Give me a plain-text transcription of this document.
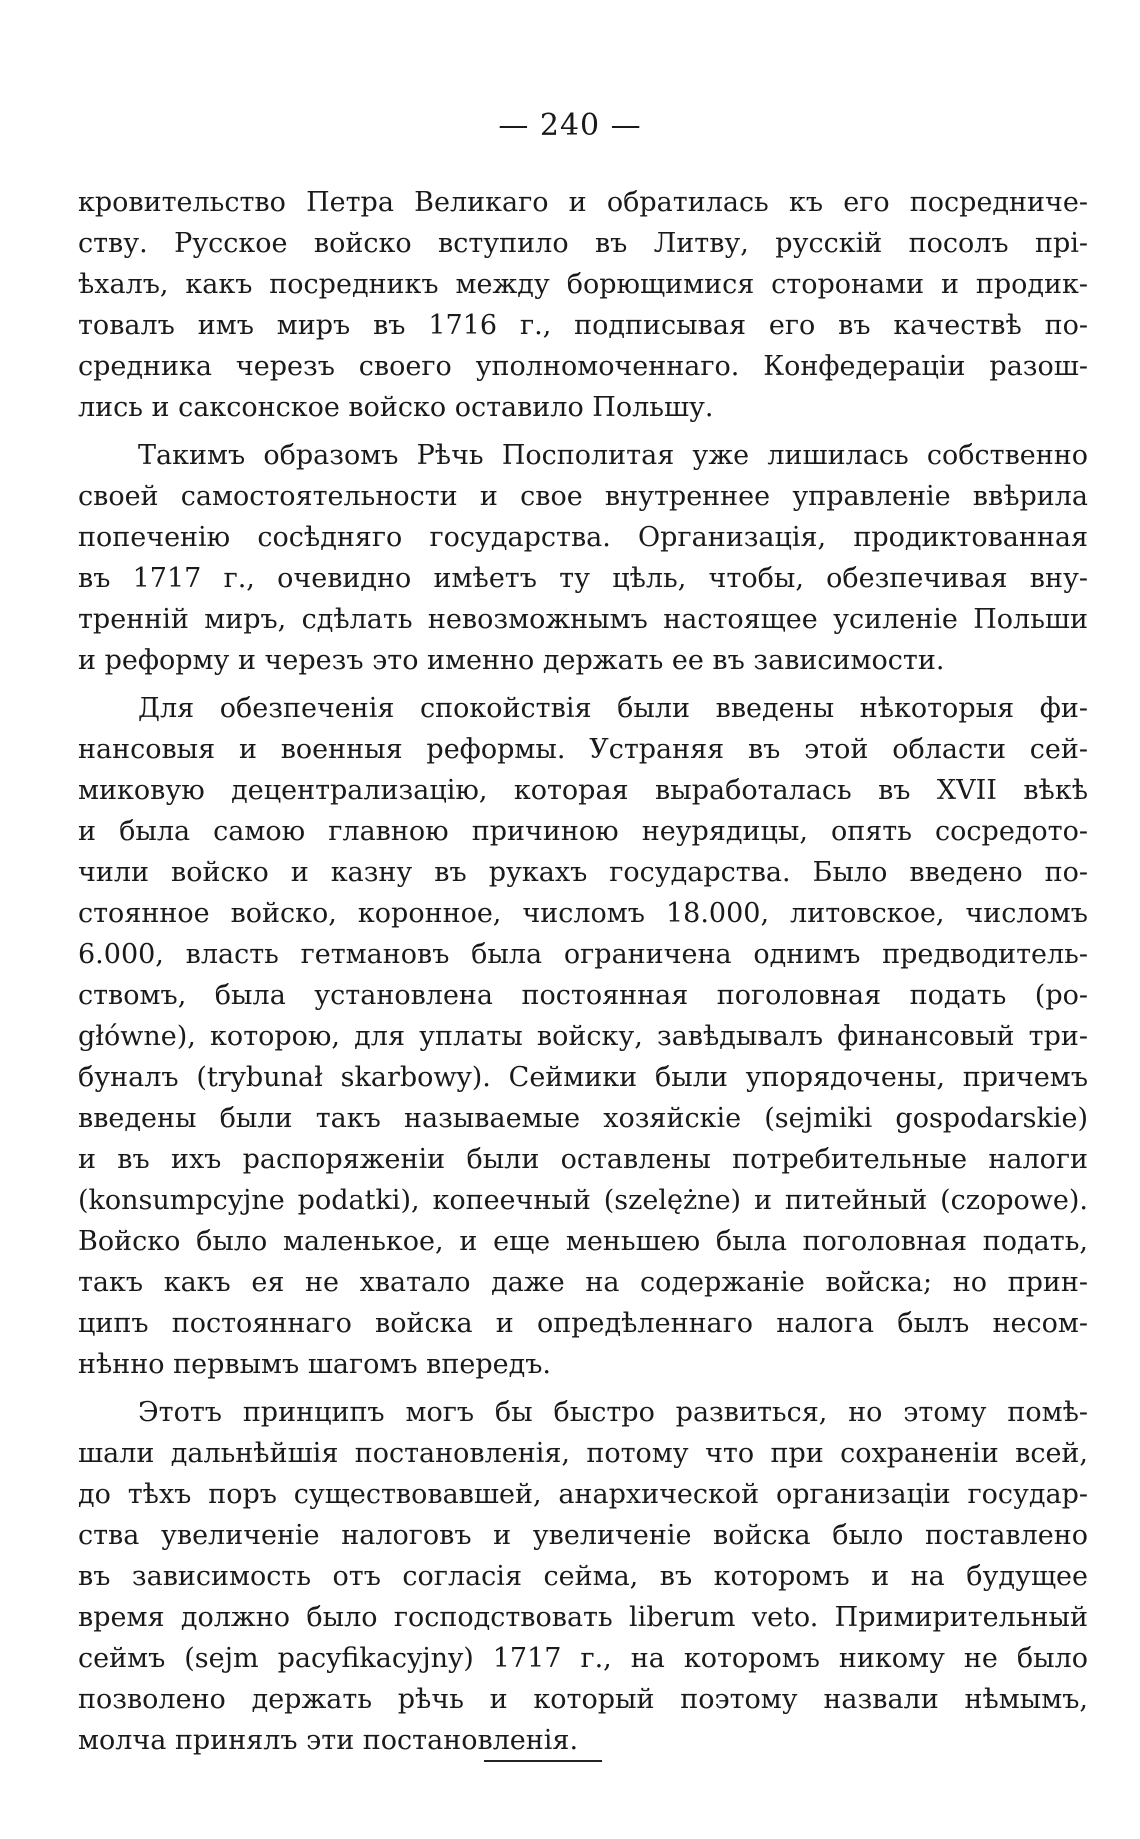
— 240 —
кровительство Петра Великаго и обратилась къ его посредниче-
ству. Русское войско вступило въ Литву, русскій посолъ прі-
ѣхалъ, какъ посредникъ между борющимися сторонами и продик-
товалъ имъ миръ въ 1716 г., подписывая его въ качествѣ по-
средника черезъ своего уполномоченнаго. Конфедераціи разош-
лись и саксонское войско оставило Польшу.
Такимъ образомъ Рѣчь Посполитая уже лишилась собственно
своей самостоятельности и свое внутреннее управленіе ввѣрила
попеченію сосѣдняго государства. Организація, продиктованная
въ 1717 г., очевидно имѣетъ ту цѣль, чтобы, обезпечивая вну-
тренній миръ, сдѣлать невозможнымъ настоящее усиленіе Польши
и реформу и черезъ это именно держать ее въ зависимости.
Для обезпеченія спокойствія были введены нѣкоторыя фи-
нансовыя и военныя реформы. Устраняя въ этой области сей-
миковую децентрализацію, которая выработалась въ XVII вѣкѣ
и была самою главною причиною неурядицы, опять сосредото-
чили войско и казну въ рукахъ государства. Было введено по-
стоянное войско, коронное, числомъ 18.000, литовское, числомъ
6.000, власть гетмановъ была ограничена однимъ предводитель-
ствомъ, была установлена постоянная поголовная подать (po-
główne), которою, для уплаты войску, завѣдывалъ финансовый три-
буналъ (trybunał skarbowy). Сеймики были упорядочены, причемъ
введены были такъ называемые хозяйскіе (sejmiki gospodarskie)
и въ ихъ распоряженіи были оставлены потребительные налоги
(konsumpcyjne podatki), копеечный (szelężne) и питейный (czopowe).
Войско было маленькое, и еще меньшею была поголовная подать,
такъ какъ ея не хватало даже на содержаніе войска; но прин-
ципъ постояннаго войска и опредѣленнаго налога былъ несом-
нѣнно первымъ шагомъ впередъ.
Этотъ принципъ могъ бы быстро развиться, но этому помѣ-
шали дальнѣйшія постановленія, потому что при сохраненіи всей,
до тѣхъ поръ существовавшей, анархической организаціи государ-
ства увеличеніе налоговъ и увеличеніе войска было поставлено
въ зависимость отъ согласія сейма, въ которомъ и на будущее
время должно было господствовать liberum veto. Примирительный
сеймъ (sejm pacyfikacyjny) 1717 г., на которомъ никому не было
позволено держать рѣчь и который поэтому назвали нѣмымъ,
молча принялъ эти постановленія.
